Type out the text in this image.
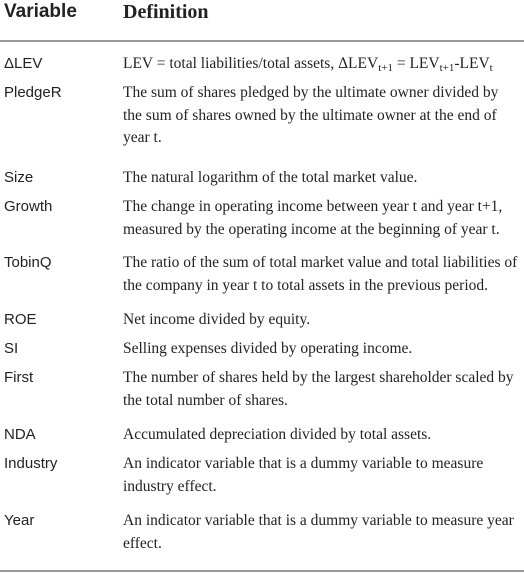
Variable Definition
ΔLEV	LEV = total liabilities/total assets, $\Delta LEV_{t+1} = LEV_{t+1}-LEV_t$
PledgeR	The sum of shares pledged by the ultimate owner divided by the sum of shares owned by the ultimate owner at the end of year t.
Size	The natural logarithm of the total market value.
Growth	The change in operating income between year t and year t+1, measured by the operating income at the beginning of year t.
TobinQ	The ratio of the sum of total market value and total liabilities of the company in year t to total assets in the previous period.
ROE	Net income divided by equity.
SI	Selling expenses divided by operating income.
First	The number of shares held by the largest shareholder scaled by the total number of shares.
NDA	Accumulated depreciation divided by total assets.
Industry	An indicator variable that is a dummy variable to measure industry effect.
Year	An indicator variable that is a dummy variable to measure year effect.
